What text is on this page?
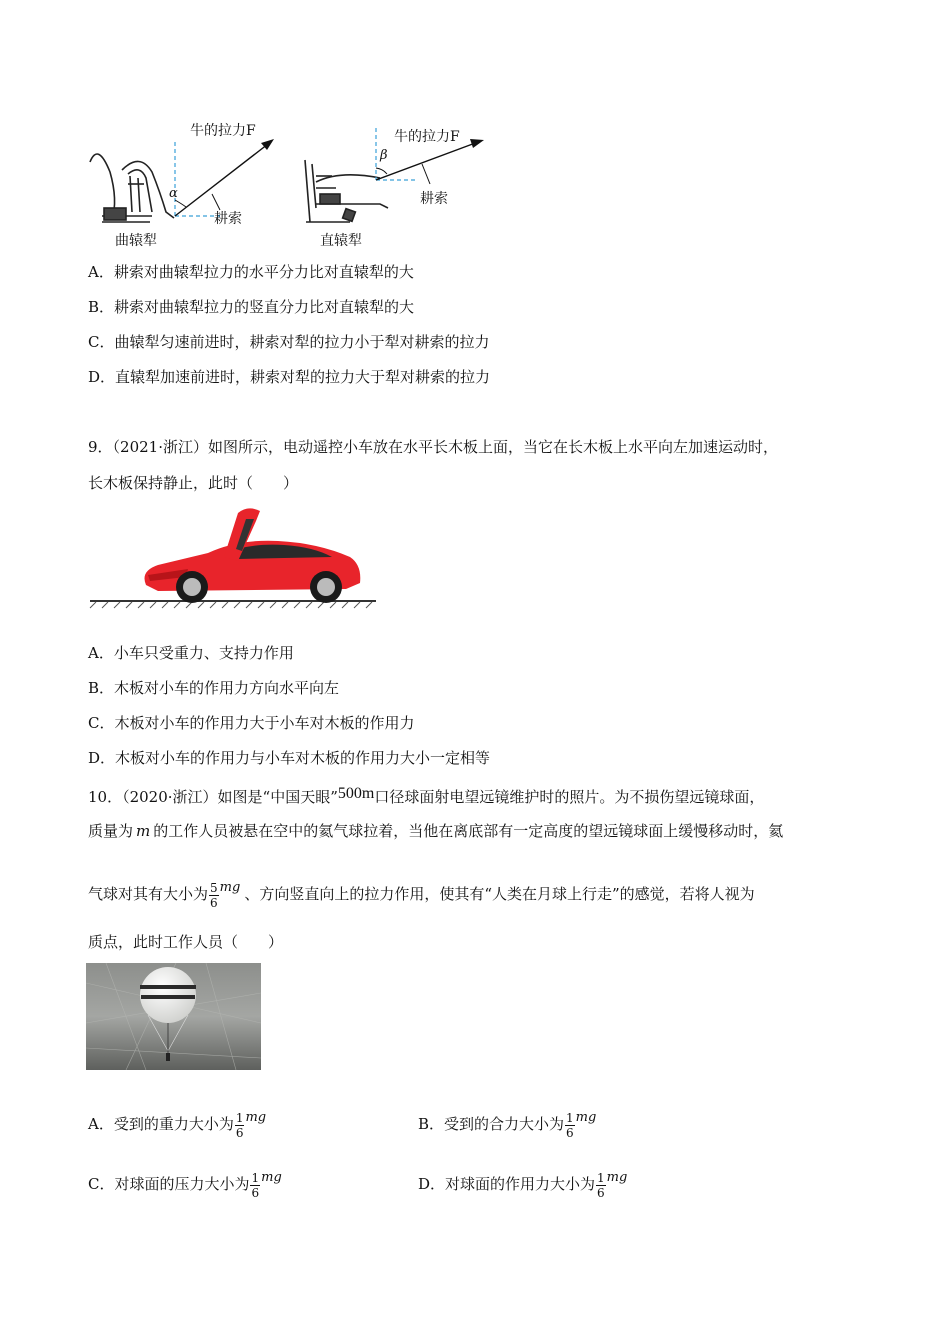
牛的拉力F
α
耕索
曲辕犁
牛的拉力F
β
耕索
直辕犁
A．耕索对曲辕犁拉力的水平分力比对直辕犁的大
B．耕索对曲辕犁拉力的竖直分力比对直辕犁的大
C．曲辕犁匀速前进时，耕索对犁的拉力小于犁对耕索的拉力
D．直辕犁加速前进时，耕索对犁的拉力大于犁对耕索的拉力
9．（2021·浙江）如图所示，电动遥控小车放在水平长木板上面，当它在长木板上水平向左加速运动时，
长木板保持静止，此时（　　）
A．小车只受重力、支持力作用
B．木板对小车的作用力方向水平向左
C．木板对小车的作用力大于小车对木板的作用力
D．木板对小车的作用力与小车对木板的作用力大小一定相等
10．（2020·浙江）如图是“中国天眼”500m口径球面射电望远镜维护时的照片。为不损伤望远镜球面，
质量为 m 的工作人员被悬在空中的氦气球拉着，当他在离底部有一定高度的望远镜球面上缓慢移动时，氦
气球对其有大小为 $\frac{5}{6}$ mg 、方向竖直向上的拉力作用，使其有“人类在月球上行走”的感觉，若将人视为
质点，此时工作人员（　　）
A．受到的重力大小为 $\frac{1}{6}$ mg	B．受到的合力大小为 $\frac{1}{6}$ mg
C．对球面的压力大小为 $\frac{1}{6}$ mg	D．对球面的作用力大小为 $\frac{1}{6}$ mg
